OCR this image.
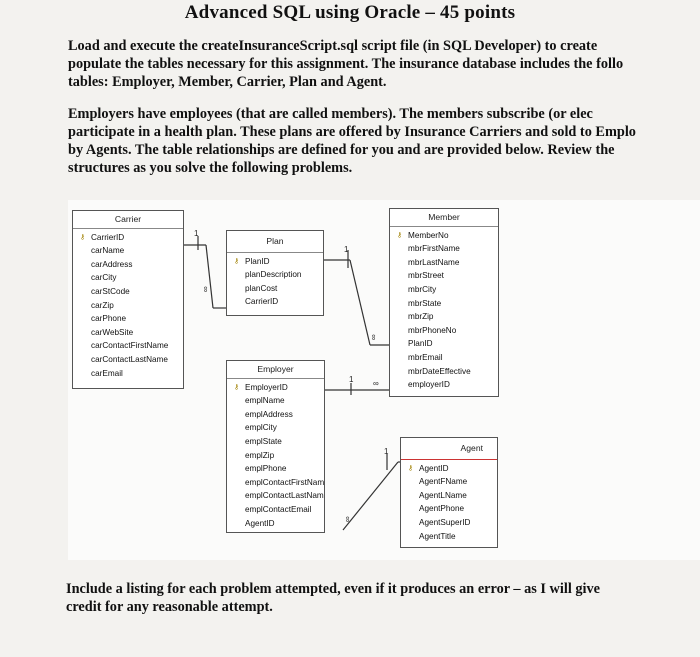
Advanced SQL using Oracle – 45 points
Load and execute the createInsuranceScript.sql script file (in SQL Developer) to create
populate the tables necessary for this assignment. The insurance database includes the follo
tables: Employer, Member, Carrier, Plan and Agent.
Employers have employees (that are called members). The members subscribe (or elec
participate in a health plan. These plans are offered by Insurance Carriers and sold to Emplo
by Agents. The table relationships are defined for you and are provided below. Review the
structures as you solve the following problems.
1
∞
1
∞
1 ∞
1
∞
Carrier
⚷ CarrierID
carName
carAddress
carCity
carStCode
carZip
carPhone
carWebSite
carContactFirstName
carContactLastName
carEmail
Plan
⚷ PlanID
planDescription
planCost
CarrierID
Member
⚷ MemberNo
mbrFirstName
mbrLastName
mbrStreet
mbrCity
mbrState
mbrZip
mbrPhoneNo
PlanID
mbrEmail
mbrDateEffective
employerID
Employer
⚷ EmployerID
emplName
emplAddress
emplCity
emplState
emplZip
emplPhone
emplContactFirstNam
emplContactLastNam
emplContactEmail
AgentID
Agent
⚷ AgentID
AgentFName
AgentLName
AgentPhone
AgentSuperID
AgentTitle
Include a listing for each problem attempted, even if it produces an error – as I will give
credit for any reasonable attempt.
